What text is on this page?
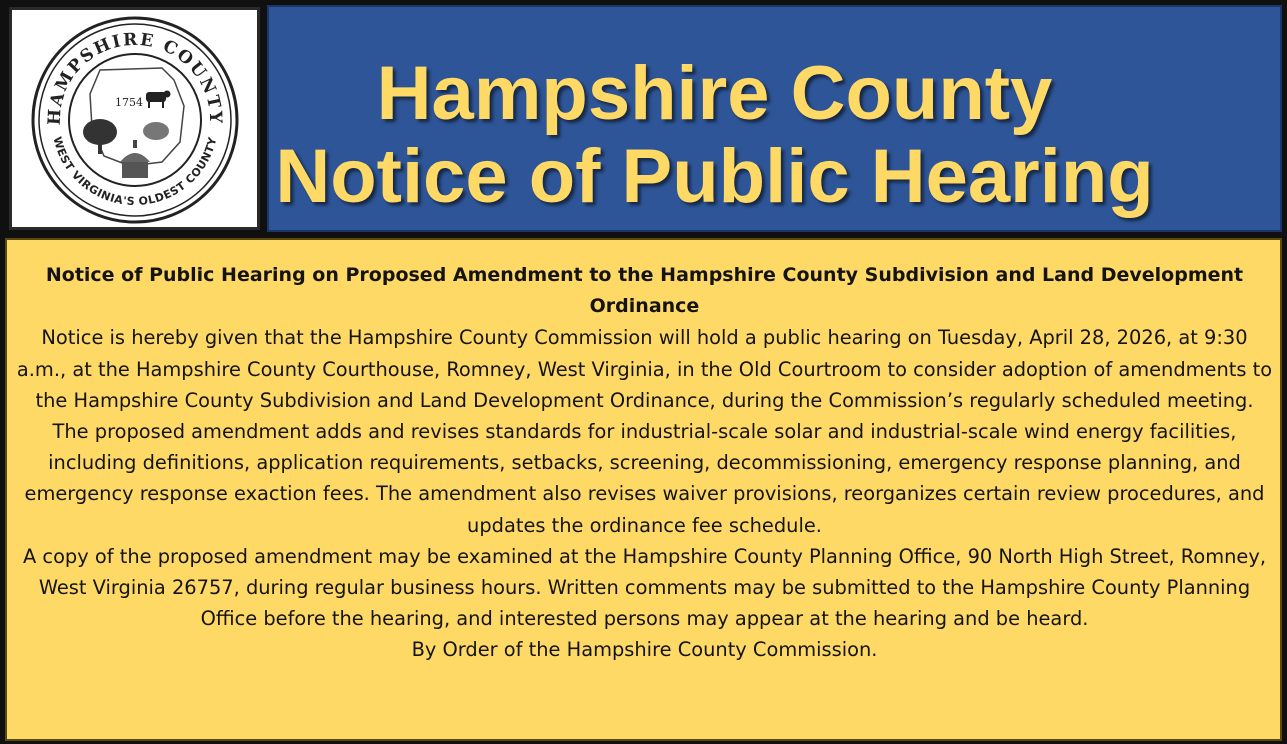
HAMPSHIRE COUNTY
WEST VIRGINIA'S OLDEST COUNTY
1754	Hampshire County
Notice of Public Hearing
Notice of Public Hearing on Proposed Amendment to the Hampshire County Subdivision and Land Development Ordinance
Notice is hereby given that the Hampshire County Commission will hold a public hearing on Tuesday, April 28, 2026, at 9:30 a.m., at the Hampshire County Courthouse, Romney, West Virginia, in the Old Courtroom to consider adoption of amendments to the Hampshire County Subdivision and Land Development Ordinance, during the Commission’s regularly scheduled meeting.
The proposed amendment adds and revises standards for industrial-scale solar and industrial-scale wind energy facilities, including definitions, application requirements, setbacks, screening, decommissioning, emergency response planning, and emergency response exaction fees. The amendment also revises waiver provisions, reorganizes certain review procedures, and updates the ordinance fee schedule.
A copy of the proposed amendment may be examined at the Hampshire County Planning Office, 90 North High Street, Romney, West Virginia 26757, during regular business hours. Written comments may be submitted to the Hampshire County Planning Office before the hearing, and interested persons may appear at the hearing and be heard.
By Order of the Hampshire County Commission.
